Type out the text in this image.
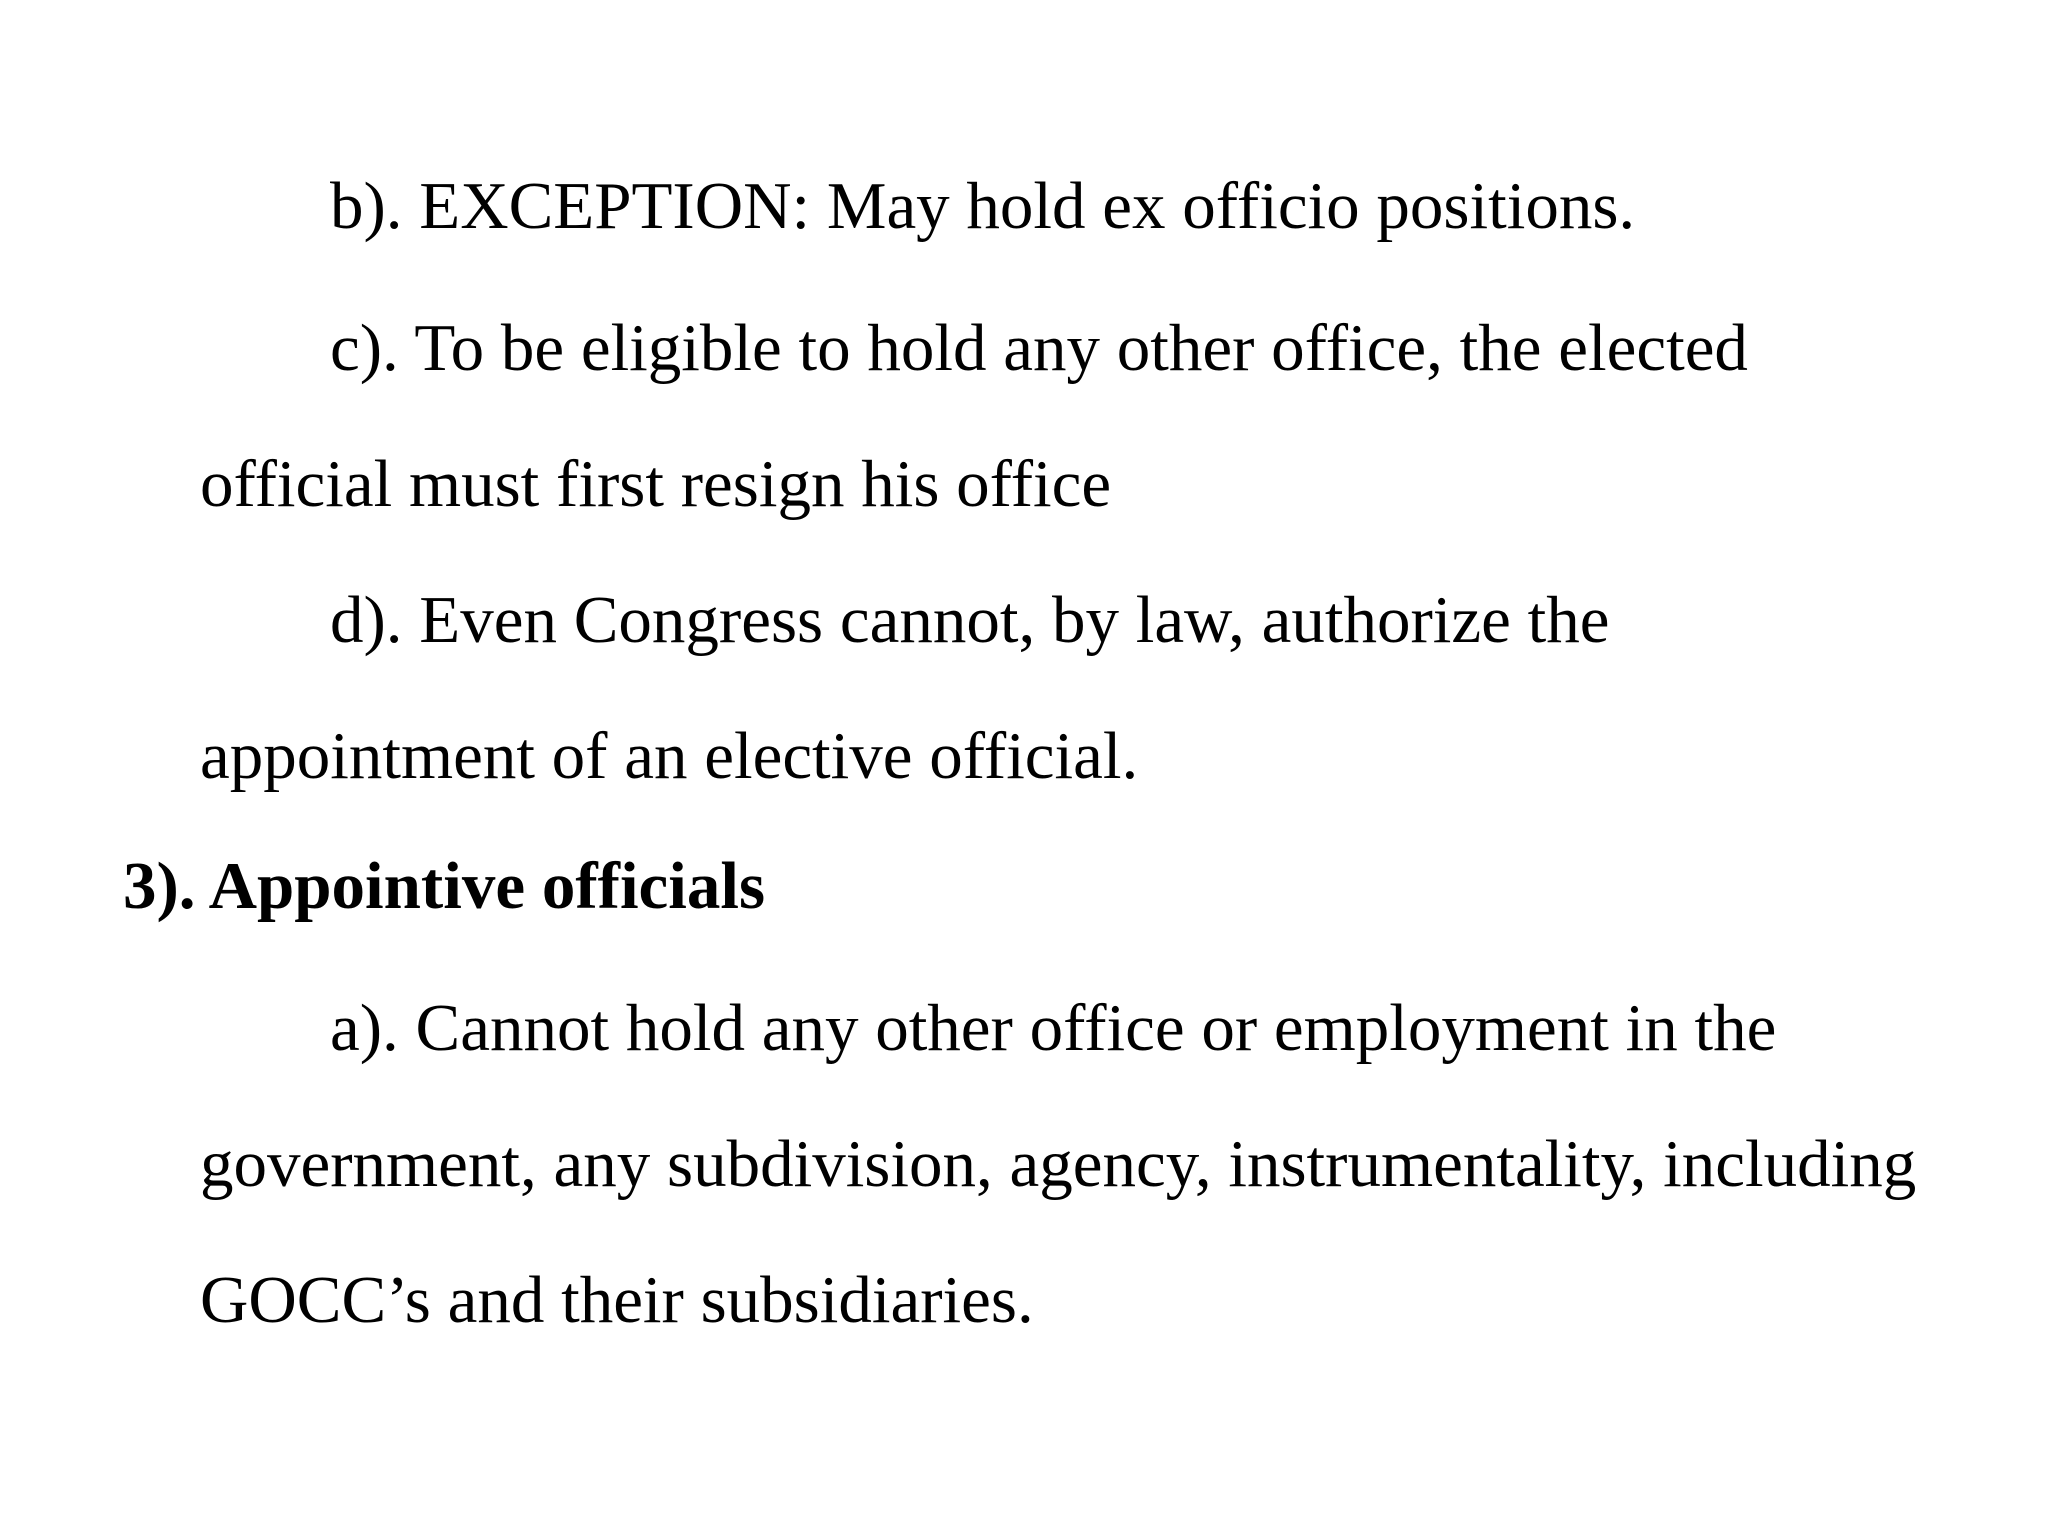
b). EXCEPTION: May hold ex officio positions.

c). To be eligible to hold any other office, the elected official must first resign his office

d). Even Congress cannot, by law, authorize the appointment of an elective official.

3). Appointive officials

a). Cannot hold any other office or employment in the government, any subdivision, agency, instrumentality, including GOCC’s and their subsidiaries.
